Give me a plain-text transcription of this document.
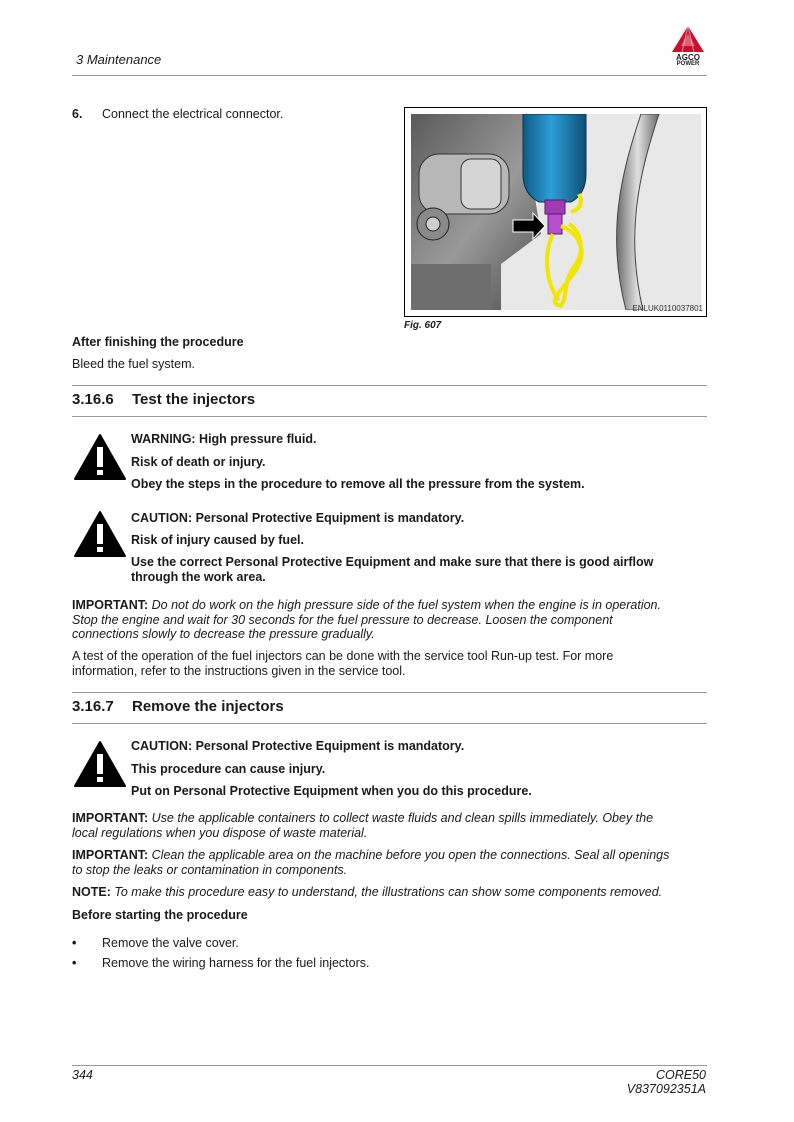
3 Maintenance	AGCO
POWER
6. Connect the electrical connector.
ENLUK0110037801
Fig. 607
After finishing the procedure
Bleed the fuel system.
3.16.6 Test the injectors
WARNING: High pressure fluid.
Risk of death or injury.
Obey the steps in the procedure to remove all the pressure from the system.
CAUTION: Personal Protective Equipment is mandatory.
Risk of injury caused by fuel.
Use the correct Personal Protective Equipment and make sure that there is good airflow
through the work area.
IMPORTANT: Do not do work on the high pressure side of the fuel system when the engine is in operation.
Stop the engine and wait for 30 seconds for the fuel pressure to decrease. Loosen the component
connections slowly to decrease the pressure gradually.
A test of the operation of the fuel injectors can be done with the service tool Run-up test. For more
information, refer to the instructions given in the service tool.
3.16.7 Remove the injectors
CAUTION: Personal Protective Equipment is mandatory.
This procedure can cause injury.
Put on Personal Protective Equipment when you do this procedure.
IMPORTANT: Use the applicable containers to collect waste fluids and clean spills immediately. Obey the
local regulations when you dispose of waste material.
IMPORTANT: Clean the applicable area on the machine before you open the connections. Seal all openings
to stop the leaks or contamination in components.
NOTE: To make this procedure easy to understand, the illustrations can show some components removed.
Before starting the procedure
• Remove the valve cover.
• Remove the wiring harness for the fuel injectors.
344	CORE50
V837092351A
